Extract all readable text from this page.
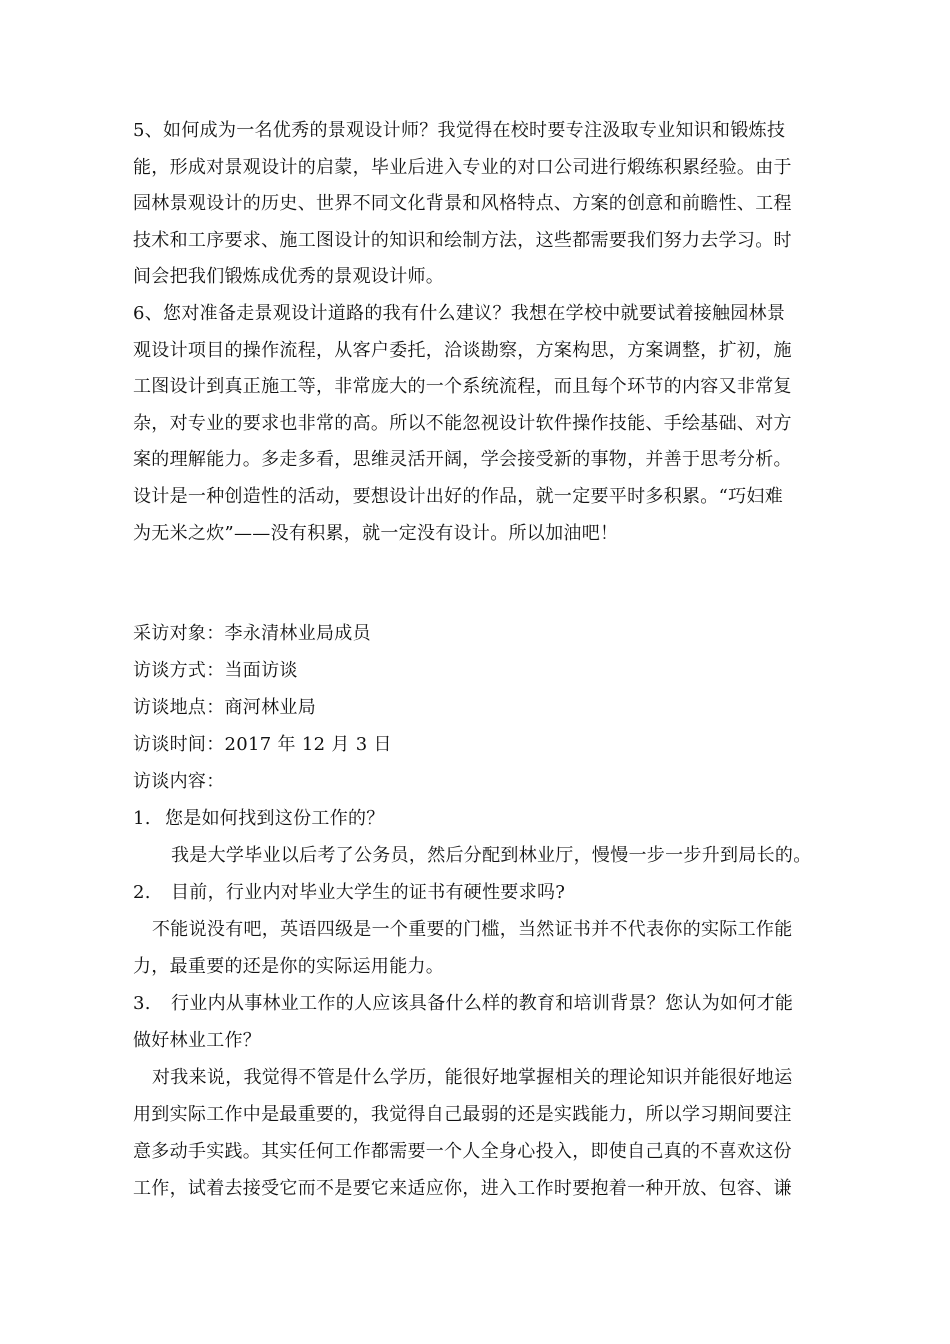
5、如何成为一名优秀的景观设计师？我觉得在校时要专注汲取专业知识和锻炼技
能，形成对景观设计的启蒙，毕业后进入专业的对口公司进行煅练积累经验。由于
园林景观设计的历史、世界不同文化背景和风格特点、方案的创意和前瞻性、工程
技术和工序要求、施工图设计的知识和绘制方法，这些都需要我们努力去学习。时
间会把我们锻炼成优秀的景观设计师。
6、您对准备走景观设计道路的我有什么建议？我想在学校中就要试着接触园林景
观设计项目的操作流程，从客户委托，洽谈勘察，方案构思，方案调整，扩初，施
工图设计到真正施工等，非常庞大的一个系统流程，而且每个环节的内容又非常复
杂，对专业的要求也非常的高。所以不能忽视设计软件操作技能、手绘基础、对方
案的理解能力。多走多看，思维灵活开阔，学会接受新的事物，并善于思考分析。
设计是一种创造性的活动，要想设计出好的作品，就一定要平时多积累。“巧妇难
为无米之炊”——没有积累，就一定没有设计。所以加油吧！
采访对象：李永清林业局成员
访谈方式：当面访谈
访谈地点：商河林业局
访谈时间：2017 年 12 月 3 日
访谈内容：
1. 您是如何找到这份工作的？
我是大学毕业以后考了公务员，然后分配到林业厅，慢慢一步一步升到局长的。
2. 目前，行业内对毕业大学生的证书有硬性要求吗?
不能说没有吧，英语四级是一个重要的门槛，当然证书并不代表你的实际工作能
力，最重要的还是你的实际运用能力。
3. 行业内从事林业工作的人应该具备什么样的教育和培训背景？您认为如何才能
做好林业工作？
对我来说，我觉得不管是什么学历，能很好地掌握相关的理论知识并能很好地运
用到实际工作中是最重要的，我觉得自己最弱的还是实践能力，所以学习期间要注
意多动手实践。其实任何工作都需要一个人全身心投入，即使自己真的不喜欢这份
工作，试着去接受它而不是要它来适应你，进入工作时要抱着一种开放、包容、谦
